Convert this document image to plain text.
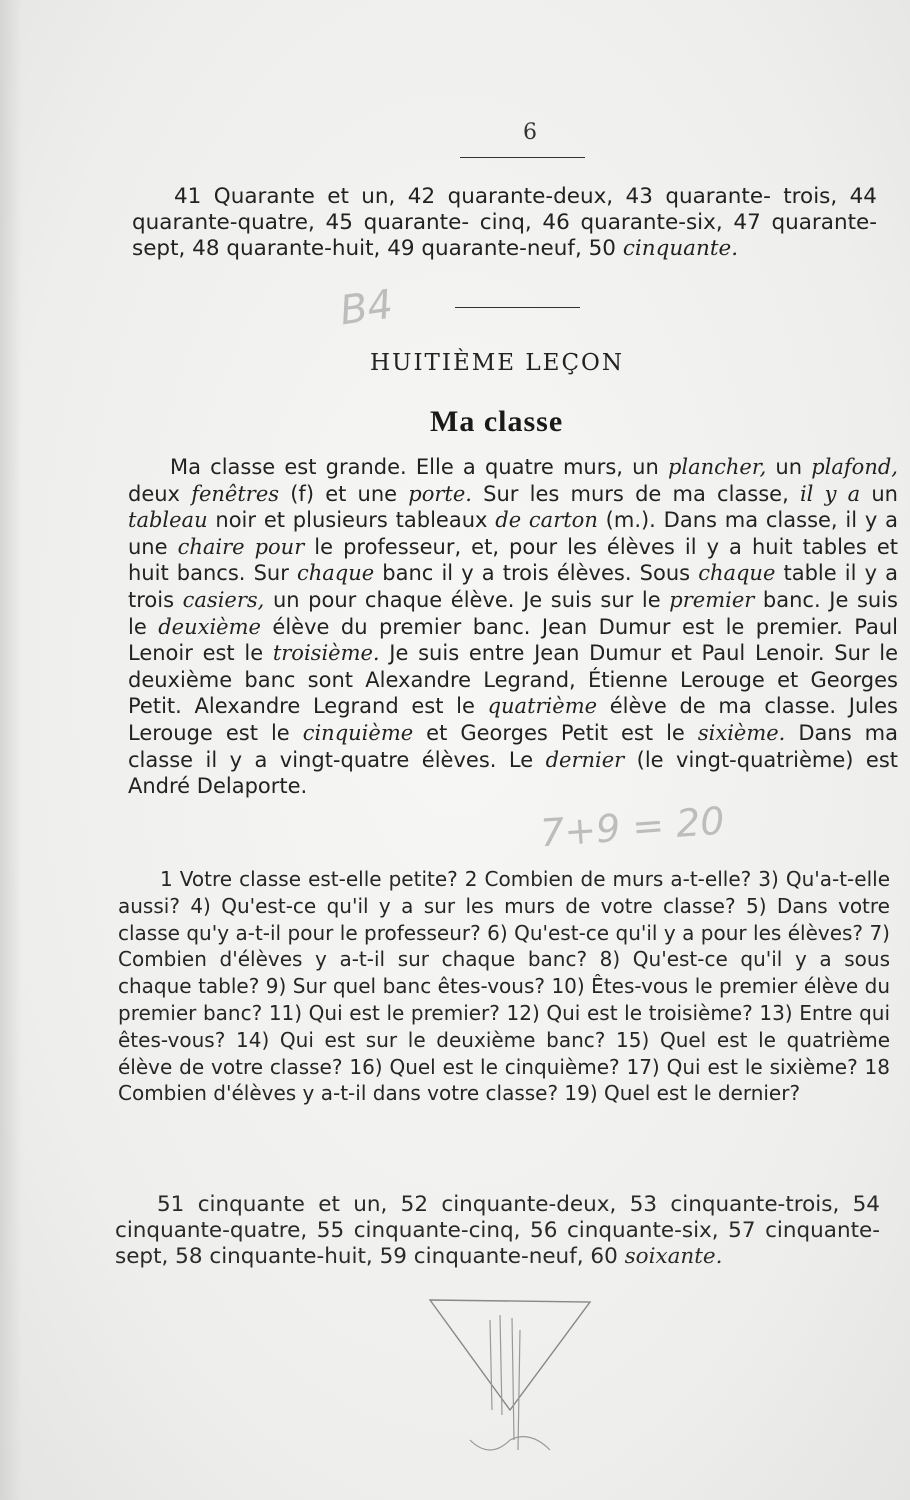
6
41 Quarante et un, 42 quarante-deux, 43 quarante- trois, 44 quarante-quatre, 45 quarante- cinq, 46 quarante-six, 47 quarante-sept, 48 quarante-huit, 49 quarante-neuf, 50 cinquante.
B4
HUITIÈME LEÇON
Ma classe

Ma classe est grande. Elle a quatre murs, un plancher, un plafond, deux fenêtres (f) et une porte. Sur les murs de ma classe, il y a un tableau noir et plusieurs tableaux de carton (m.). Dans ma classe, il y a une chaire pour le professeur, et, pour les élèves il y a huit tables et huit bancs. Sur chaque banc il y a trois élèves. Sous chaque table il y a trois casiers, un pour chaque élève. Je suis sur le premier banc. Je suis le deuxième élève du premier banc. Jean Dumur est le premier. Paul Lenoir est le troisième. Je suis entre Jean Dumur et Paul Lenoir. Sur le deuxième banc sont Alexandre Legrand, Étienne Lerouge et Georges Petit. Alexandre Legrand est le quatrième élève de ma classe. Jules Lerouge est le cinquième et Georges Petit est le sixième. Dans ma classe il y a vingt-quatre élèves. Le dernier (le vingt-quatrième) est André Delaporte.

7+9 = 20

1 Votre classe est-elle petite? 2 Combien de murs a-t-elle? 3) Qu'a-t-elle aussi? 4) Qu'est-ce qu'il y a sur les murs de votre classe? 5) Dans votre classe qu'y a-t-il pour le professeur? 6) Qu'est-ce qu'il y a pour les élèves? 7) Combien d'élèves y a-t-il sur chaque banc? 8) Qu'est-ce qu'il y a sous chaque table? 9) Sur quel banc êtes-vous? 10) Êtes-vous le premier élève du premier banc? 11) Qui est le premier? 12) Qui est le troisième? 13) Entre qui êtes-vous? 14) Qui est sur le deuxième banc? 15) Quel est le quatrième élève de votre classe? 16) Quel est le cinquième? 17) Qui est le sixième? 18 Combien d'élèves y a-t-il dans votre classe? 19) Quel est le dernier?

51 cinquante et un, 52 cinquante-deux, 53 cinquante-trois, 54 cinquante-quatre, 55 cinquante-cinq, 56 cinquante-six, 57 cinquante-sept, 58 cinquante-huit, 59 cinquante-neuf, 60 soixante.
